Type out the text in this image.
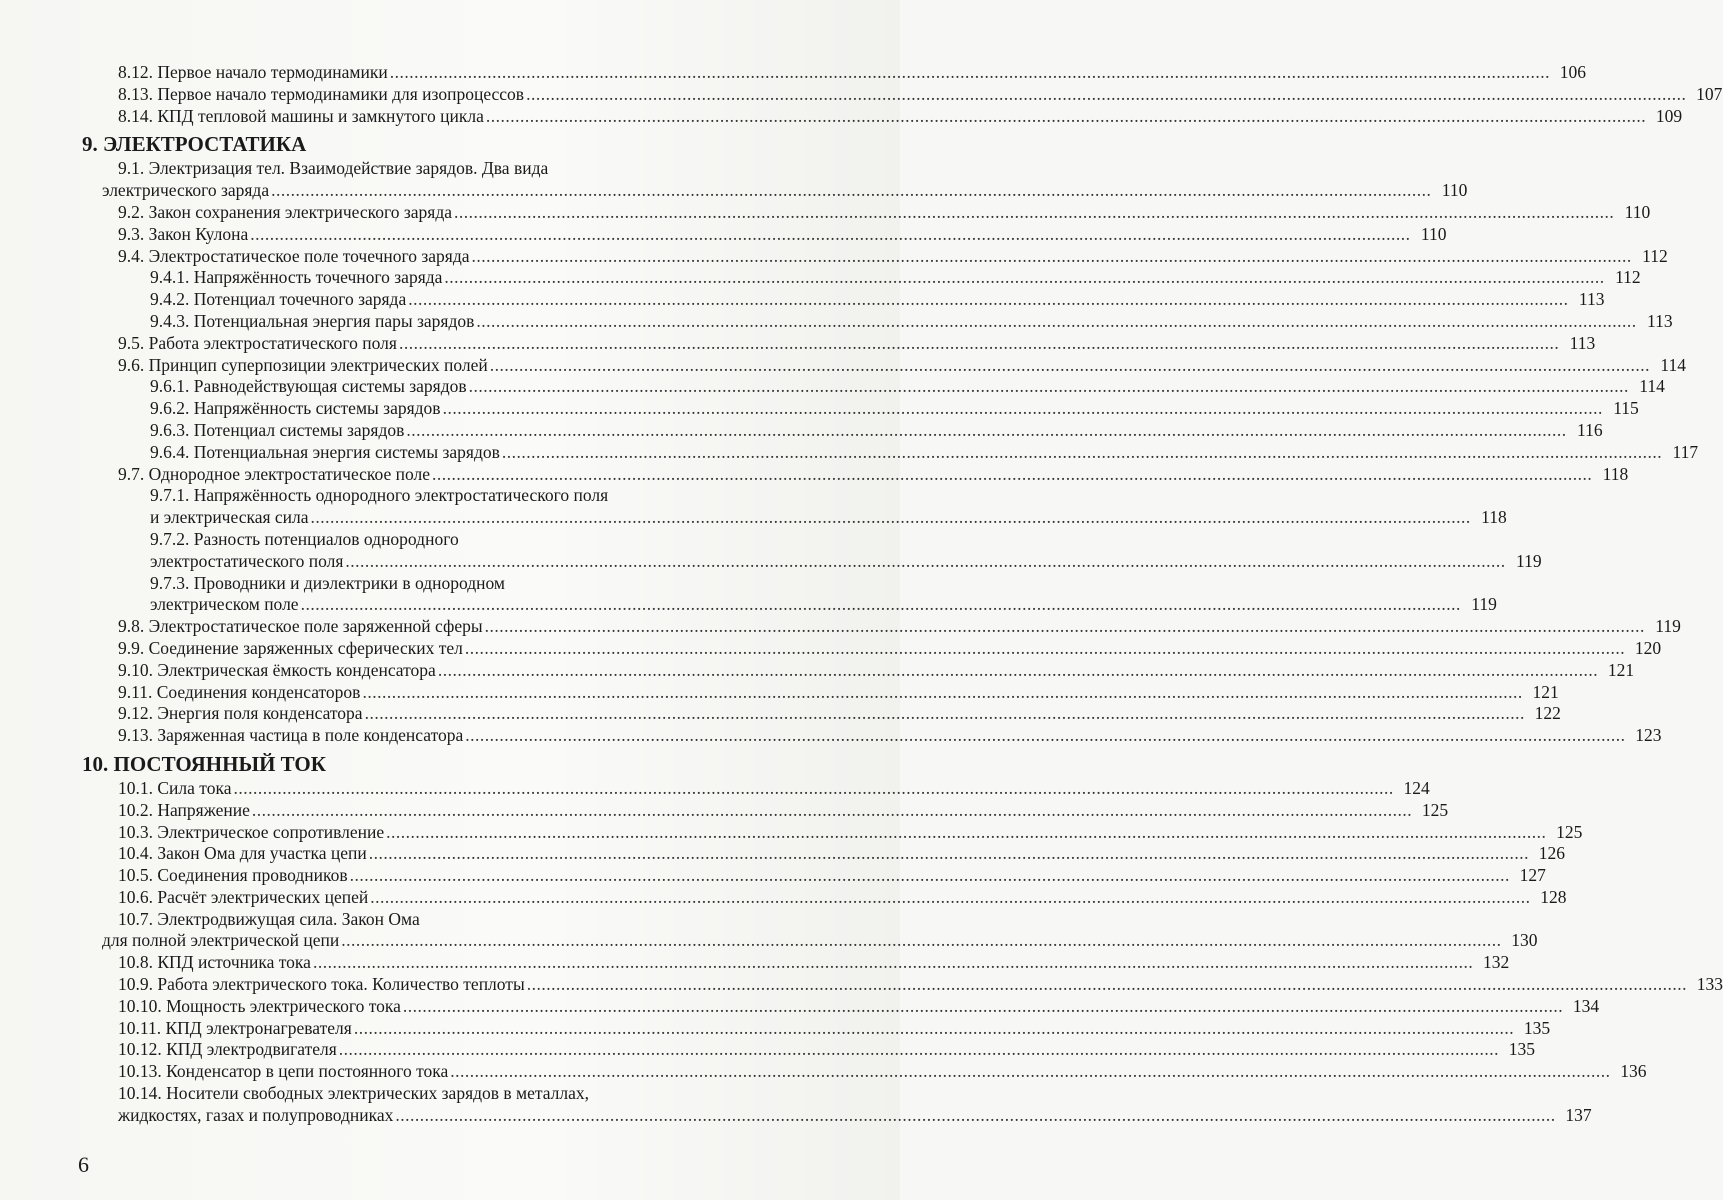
8.12. Первое начало термодинамики .....	106
8.13. Первое начало термодинамики для изопроцессов .....	107
8.14. КПД тепловой машины и замкнутого цикла .....	109
9. ЭЛЕКТРОСТАТИКА
9.1. Электризация тел. Взаимодействие зарядов. Два вида
электрического заряда .....	110
9.2. Закон сохранения электрического заряда .....	110
9.3. Закон Кулона .....	110
9.4. Электростатическое поле точечного заряда .....	112
9.4.1. Напряжённость точечного заряда .....	112
9.4.2. Потенциал точечного заряда .....	113
9.4.3. Потенциальная энергия пары зарядов .....	113
9.5. Работа электростатического поля .....	113
9.6. Принцип суперпозиции электрических полей .....	114
9.6.1. Равнодействующая системы зарядов .....	114
9.6.2. Напряжённость системы зарядов .....	115
9.6.3. Потенциал системы зарядов .....	116
9.6.4. Потенциальная энергия системы зарядов .....	117
9.7. Однородное электростатическое поле .....	118
9.7.1. Напряжённость однородного электростатического поля
и электрическая сила .....	118
9.7.2. Разность потенциалов однородного
электростатического поля .....	119
9.7.3. Проводники и диэлектрики в однородном
электрическом поле .....	119
9.8. Электростатическое поле заряженной сферы .....	119
9.9. Соединение заряженных сферических тел .....	120
9.10. Электрическая ёмкость конденсатора .....	121
9.11. Соединения конденсаторов .....	121
9.12. Энергия поля конденсатора .....	122
9.13. Заряженная частица в поле конденсатора .....	123
10. ПОСТОЯННЫЙ ТОК
10.1. Сила тока .....	124
10.2. Напряжение .....	125
10.3. Электрическое сопротивление .....	125
10.4. Закон Ома для участка цепи .....	126
10.5. Соединения проводников .....	127
10.6. Расчёт электрических цепей .....	128
10.7. Электродвижущая сила. Закон Ома
для полной электрической цепи .....	130
10.8. КПД источника тока .....	132
10.9. Работа электрического тока. Количество теплоты .....	133
10.10. Мощность электрического тока .....	134
10.11. КПД электронагревателя .....	135
10.12. КПД электродвигателя .....	135
10.13. Конденсатор в цепи постоянного тока .....	136
10.14. Носители свободных электрических зарядов в металлах,
жидкостях, газах и полупроводниках .....	137
6
